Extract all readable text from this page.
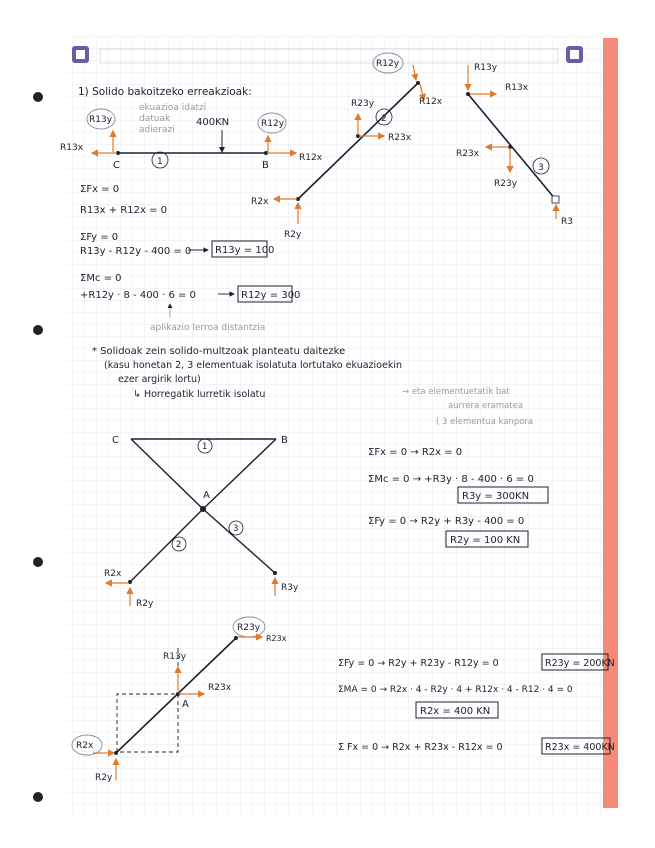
1) Solido bakoitzeko erreakzioak:
ekuazioa idatzi
datuak
adierazi
400KN
C	B
1
R13y
R13x
R12y
R12x
R12y
R12x
R23y
R23x
2
R2x
R2y
R13y
R13x
R23x
R23y
3
R3
ΣFx = 0
R13x + R12x = 0
ΣFy = 0
R13y - R12y - 400 = 0 R13y = 100
ΣMc = 0
+R12y · 8 - 400 · 6 = 0	R12y = 300
aplikazio lerroa distantzia
* Solidoak zein solido-multzoak planteatu daitezke
(kasu honetan 2, 3 elementuak isolatuta lortutako ekuazioekin
ezer argirik lortu)
↳ Horregatik lurretik isolatu	→ eta elementuetatik bat
aurrera eramatea
( 3 elementua kanpora
C	B
A
1
2
3
R2x
R2y
R3y
ΣFx = 0 → R2x = 0
ΣMc = 0 → +R3y · 8 - 400 · 6 = 0
R3y = 300KN
ΣFy = 0 → R2y + R3y - 400 = 0
R2y = 100 KN
R23y
R23x
R13y
R23x
A
R2x
R2y
ΣFy = 0 → R2y + R23y - R12y = 0	R23y = 200KN
ΣMA = 0 → R2x · 4 - R2y · 4 + R12x · 4 - R12 · 4 = 0
R2x = 400 KN
Σ Fx = 0 → R2x + R23x - R12x = 0	R23x = 400KN
